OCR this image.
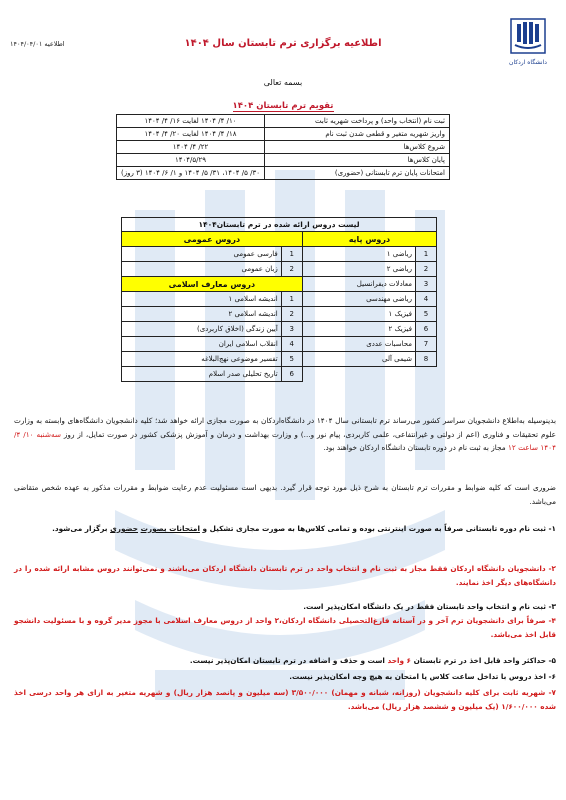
دانشگاه اردکان
اطلاعیه برگزاری ترم تابستان سال ۱۴۰۴
اطلاعیه ۱۴۰۴/۰۴/۰۱
بسمه تعالی
تقویم ترم تابستان ۱۴۰۴
ثبت نام (انتخاب واحد) و پرداخت شهریه ثابت	۱۰/ ۴/ ۱۴۰۴ لغایت ۱۶/ ۴/ ۱۴۰۴
واریز شهریه متغیر و قطعی شدن ثبت نام	۱۸/ ۴/ ۱۴۰۴ لغایت ۲۰/ ۴/ ۱۴۰۴
شروع کلاس‌ها	۲۲/ ۴/ ۱۴۰۴
پایان کلاس‌ها	۱۴۰۴/۵/۲۹
امتحانات پایان ترم تابستانی (حضوری)	۳۰/ ۵/ ۱۴۰۴، ۳۱/ ۵/ ۱۴۰۴ و ۱/ ۶/ ۱۴۰۴ (۳ روز)
لیست دروس ارائه شده در ترم تابستان۱۴۰۴			
دروس پایه		دروس عمومی	
1	ریاضی ۱	1	فارسی عمومی
2	ریاضی ۲	2	زبان عمومی
3	معادلات دیفرانسیل	دروس معارف اسلامی	
4	ریاضی مهندسی	1	اندیشه اسلامی ۱
5	فیزیک ۱	2	اندیشه اسلامی ۲
6	فیزیک ۲	3	آیین زندگی (اخلاق کاربردی)
7	محاسبات عددی	4	انقلاب اسلامی ایران
8	شیمی آلی	5	تفسیر موضوعی نهج‌البلاغه
		6	تاریخ تحلیلی صدر اسلام
بدینوسیله به‌اطلاع دانشجویان سراسر کشور می‌رساند ترم تابستانی سال ۱۴۰۴ در دانشگاه‌اردکان به صورت مجازی ارائه خواهد شد؛ کلیه دانشجویان دانشگاه‌های وابسته به وزارت علوم تحقیقات و فناوری (اعم از دولتی و غیرانتفاعی، علمی کاربردی، پیام نور و...) و وزارت بهداشت و درمان و آموزش پزشکی کشور در صورت تمایل، از روز سه‌شنبه ۱۰/ ۴/ ۱۴۰۴ ساعت ۱۲ مجاز به ثبت نام در دوره تابستان دانشگاه اردکان خواهند بود.
ضروری است که کلیه ضوابط و مقررات ترم تابستان به شرح ذیل مورد توجه قرار گیرد. بدیهی است مسئولیت عدم رعایت ضوابط و مقررات مذکور به عهده شخص متقاضی می‌باشد.
۱- ثبت نام دوره تابستانی صرفاً به صورت اینترنتی بوده و تمامی کلاس‌ها به صورت مجازی تشکیل و امتحانات بصورت حضوری برگزار می‌شود.
۲- دانشجویان دانشگاه اردکان فقط مجاز به ثبت نام و انتخاب واحد در ترم تابستان دانشگاه اردکان می‌باشند و نمی‌توانند دروس مشابه ارائه شده را در دانشگاه‌های دیگر اخذ نمایند.
۳- ثبت نام و انتخاب واحد تابستان فقط در یک دانشگاه امکان‌پذیر است.
۴- صرفاً برای دانشجویان ترم آخر و در آستانه فارغ‌التحصیلی دانشگاه اردکان،۲ واحد از دروس معارف اسلامی با مجوز مدیر گروه و با مسئولیت دانشجو قابل اخذ می‌باشد.
۵- حداکثر واحد قابل اخذ در ترم تابستان ۶ واحد است و حذف و اضافه در ترم تابستان امکان‌پذیر نیست.
۶- اخذ دروس با تداخل ساعت کلاس یا امتحان به هیچ وجه امکان‌پذیر نیست.
۷- شهریه ثابت برای کلیه دانشجویان (روزانه، شبانه و مهمان) ۳/۵۰۰/۰۰۰ (سه میلیون و پانصد هزار ریال) و شهریه متغیر به ازای هر واحد درسی اخذ شده ۱/۶۰۰/۰۰۰ (یک میلیون و ششصد هزار ریال) می‌باشد.
